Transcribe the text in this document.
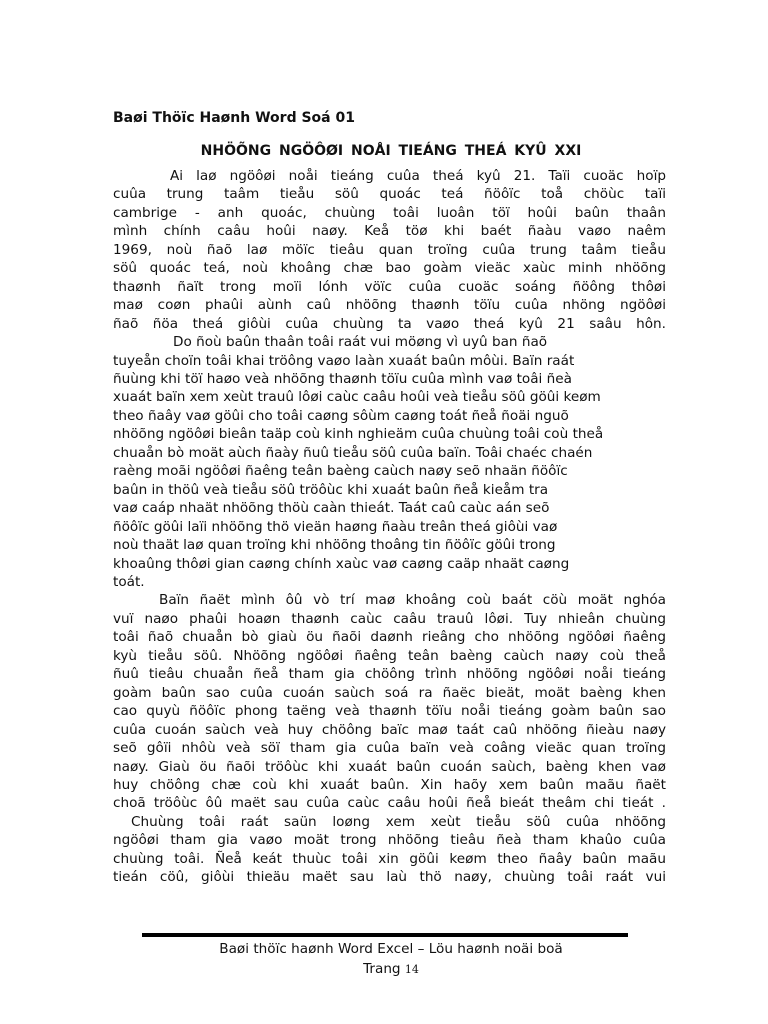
Baøi Thöïc Haønh Word Soá 01
NHÖÕNG NGÖÔØI NOÅI TIEÁNG THEÁ KYÛ XXI

Ai laø ngöôøi noåi tieáng cuûa theá kyû 21. Taïi cuoäc hoïp
cuûa trung taâm tieåu söû quoác teá ñöôïc toå chöùc taïi
cambrige - anh quoác, chuùng toâi luoân töï hoûi baûn thaân
mình chính caâu hoûi naøy. Keå töø khi baét ñaàu vaøo naêm
1969, noù ñaõ laø möïc tieâu quan troïng cuûa trung taâm tieåu
söû quoác teá, noù khoâng chæ bao goàm vieäc xaùc minh nhöõng
thaønh ñaït trong moïi lónh vöïc cuûa cuoäc soáng ñöông thôøi
maø coøn phaûi aùnh caû nhöõng thaønh töïu cuûa nhöng ngöôøi
ñaõ ñöa theá giôùi cuûa chuùng ta vaøo theá kyû 21 saâu hôn.

Do ñoù baûn thaân toâi raát vui möøng vì uyû ban ñaõ
tuyeån choïn toâi khai tröông vaøo laàn xuaát baûn môùi. Baïn raát
ñuùng khi töï haøo veà nhöõng thaønh töïu cuûa mình vaø toâi ñeà
xuaát baïn xem xeùt trauû lôøi caùc caâu hoûi veà tieåu söû göûi keøm
theo ñaây vaø göûi cho toâi caøng sôùm caøng toát ñeå ñoäi nguõ
nhöõng ngöôøi bieân taäp coù kinh nghieäm cuûa chuùng toâi coù theå
chuaån bò moät aùch ñaày ñuû tieåu söû cuûa baïn. Toâi chaéc chaén
raèng moãi ngöôøi ñaêng teân baèng caùch naøy seõ nhaän ñöôïc
baûn in thöû veà tieåu söû tröôùc khi xuaát baûn ñeå kieåm tra
vaø caáp nhaät nhöõng thöù caàn thieát. Taát caû caùc aán seõ
ñöôïc göûi laïi nhöõng thö vieän haøng ñaàu treân theá giôùi vaø
noù thaät laø quan troïng khi nhöõng thoâng tin ñöôïc göûi trong
khoaûng thôøi gian caøng chính xaùc vaø caøng caäp nhaät caøng
toát.

Baïn ñaët mình ôû vò trí maø khoâng coù baát cöù moät nghóa
vuï naøo phaûi hoaøn thaønh caùc caâu trauû lôøi. Tuy nhieân chuùng
toâi ñaõ chuaån bò giaù öu ñaõi daønh rieâng cho nhöõng ngöôøi ñaêng
kyù tieåu söû. Nhöõng ngöôøi ñaêng teân baèng caùch naøy coù theå
ñuû tieâu chuaån ñeå tham gia chöông trình nhöõng ngöôøi noåi tieáng
goàm baûn sao cuûa cuoán saùch soá ra ñaëc bieät, moät baèng khen
cao quyù ñöôïc phong taëng veà thaønh töïu noåi tieáng goàm baûn sao
cuûa cuoán saùch veà huy chöông baïc maø taát caû nhöõng ñieàu naøy
seõ gôïi nhôù veà söï tham gia cuûa baïn veà coâng vieäc quan troïng
naøy. Giaù öu ñaõi tröôùc khi xuaát baûn cuoán saùch, baèng khen vaø
huy chöông chæ coù khi xuaát baûn. Xin haõy xem baûn maãu ñaët
choã tröôùc ôû maët sau cuûa caùc caâu hoûi ñeå bieát theâm chi tieát .

Chuùng toâi raát saün loøng xem xeùt tieåu söû cuûa nhöõng
ngöôøi tham gia vaøo moät trong nhöõng tieâu ñeà tham khaûo cuûa
chuùng toâi. Ñeå keát thuùc toâi xin göûi keøm theo ñaây baûn maãu
tieán cöû, giôùi thieäu maët sau laù thö naøy, chuùng toâi raát vui

Baøi thöïc haønh Word Excel – Löu haønh noäi boä
Trang 14
